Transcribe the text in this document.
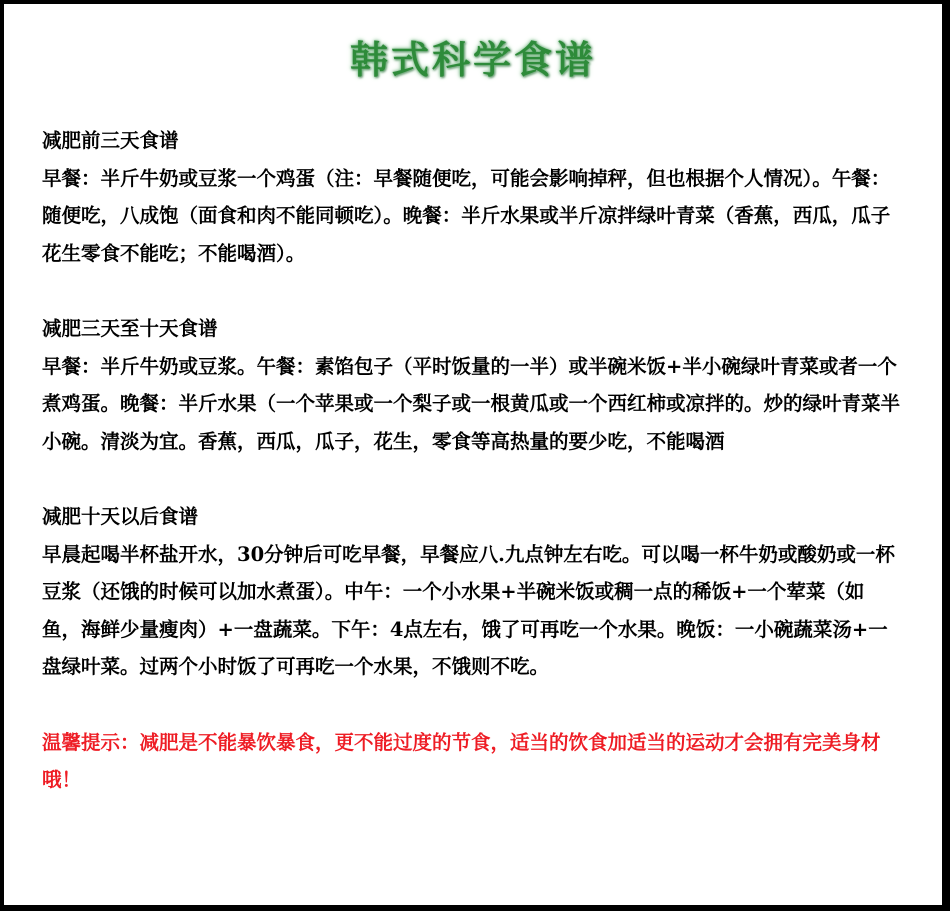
韩式科学食谱
减肥前三天食谱
早餐：半斤牛奶或豆浆一个鸡蛋（注：早餐随便吃，可能会影响掉秤，但也根据个人情况）。午餐：随便吃，八成饱（面食和肉不能同顿吃）。晚餐：半斤水果或半斤凉拌绿叶青菜（香蕉，西瓜，瓜子花生零食不能吃；不能喝酒）。
减肥三天至十天食谱
早餐：半斤牛奶或豆浆。午餐：素馅包子（平时饭量的一半）或半碗米饭+半小碗绿叶青菜或者一个煮鸡蛋。晚餐：半斤水果（一个苹果或一个梨子或一根黄瓜或一个西红柿或凉拌的。炒的绿叶青菜半小碗。清淡为宜。香蕉，西瓜，瓜子，花生，零食等高热量的要少吃，不能喝酒
减肥十天以后食谱
早晨起喝半杯盐开水，30分钟后可吃早餐，早餐应八.九点钟左右吃。可以喝一杯牛奶或酸奶或一杯豆浆（还饿的时候可以加水煮蛋）。中午：一个小水果+半碗米饭或稠一点的稀饭+一个荤菜（如鱼，海鲜少量瘦肉）+一盘蔬菜。下午：4点左右，饿了可再吃一个水果。晚饭：一小碗蔬菜汤+一盘绿叶菜。过两个小时饭了可再吃一个水果，不饿则不吃。
温馨提示：减肥是不能暴饮暴食，更不能过度的节食，适当的饮食加适当的运动才会拥有完美身材哦！
